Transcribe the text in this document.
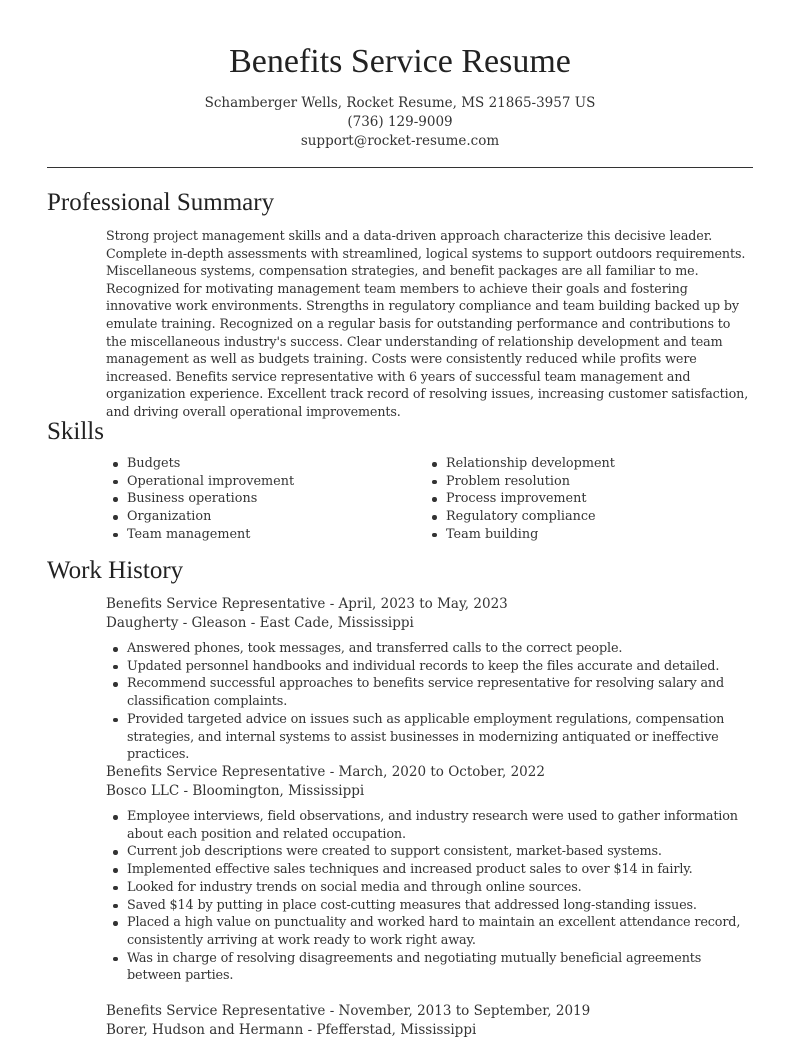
Benefits Service Resume
Schamberger Wells, Rocket Resume, MS 21865-3957 US
(736) 129-9009
support@rocket-resume.com
Professional Summary

Strong project management skills and a data-driven approach characterize this decisive leader. Complete in-depth assessments with streamlined, logical systems to support outdoors requirements. Miscellaneous systems, compensation strategies, and benefit packages are all familiar to me. Recognized for motivating management team members to achieve their goals and fostering innovative work environments. Strengths in regulatory compliance and team building backed up by emulate training. Recognized on a regular basis for outstanding performance and contributions to the miscellaneous industry's success. Clear understanding of relationship development and team management as well as budgets training. Costs were consistently reduced while profits were increased. Benefits service representative with 6 years of successful team management and organization experience. Excellent track record of resolving issues, increasing customer satisfaction, and driving overall operational improvements.

Skills
Budgets
Operational improvement
Business operations
Organization
Team management
Relationship development
Problem resolution
Process improvement
Regulatory compliance
Team building
Work History
Benefits Service Representative - April, 2023 to May, 2023
Daugherty - Gleason - East Cade, Mississippi
Answered phones, took messages, and transferred calls to the correct people.
Updated personnel handbooks and individual records to keep the files accurate and detailed.
Recommend successful approaches to benefits service representative for resolving salary and classification complaints.
Provided targeted advice on issues such as applicable employment regulations, compensation strategies, and internal systems to assist businesses in modernizing antiquated or ineffective practices.
Benefits Service Representative - March, 2020 to October, 2022
Bosco LLC - Bloomington, Mississippi
Employee interviews, field observations, and industry research were used to gather information about each position and related occupation.
Current job descriptions were created to support consistent, market-based systems.
Implemented effective sales techniques and increased product sales to over $14 in fairly.
Looked for industry trends on social media and through online sources.
Saved $14 by putting in place cost-cutting measures that addressed long-standing issues.
Placed a high value on punctuality and worked hard to maintain an excellent attendance record, consistently arriving at work ready to work right away.
Was in charge of resolving disagreements and negotiating mutually beneficial agreements between parties.
Benefits Service Representative - November, 2013 to September, 2019
Borer, Hudson and Hermann - Pfefferstad, Mississippi
